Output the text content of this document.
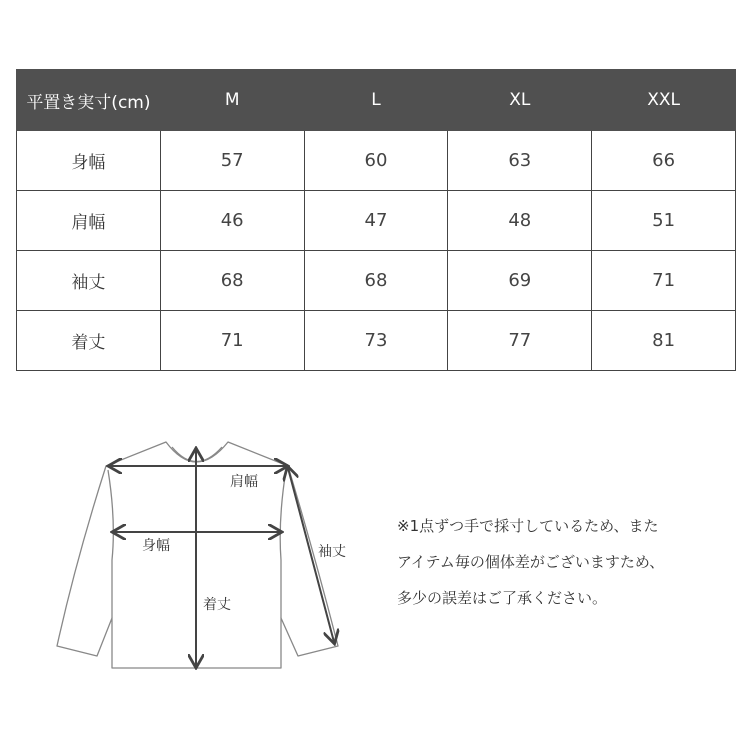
平置き実寸(cm)	M	L	XL	XXL
身幅	57	60	63	66
肩幅	46	47	48	51
袖丈	68	68	69	71
着丈	71	73	77	81
肩幅
身幅
着丈
袖丈

※1点ずつ手で採寸しているため、また

アイテム毎の個体差がございますため、

多少の誤差はご了承ください。
